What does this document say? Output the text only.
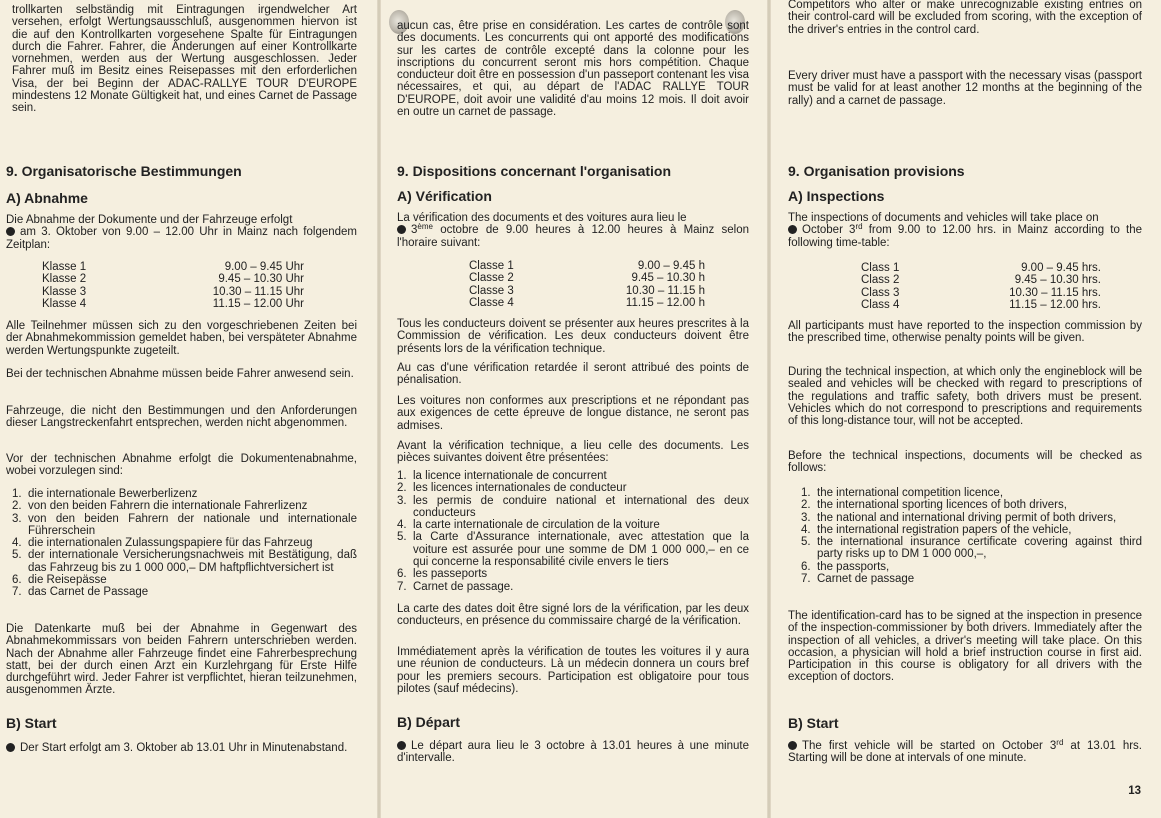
trollkarten selbständig mit Eintragungen irgendwelcher Art versehen, erfolgt Wertungsausschluß, ausgenommen hiervon ist die auf den Kontrollkarten vorgesehene Spalte für Eintragungen durch die Fahrer. Fahrer, die Änderungen auf einer Kontrollkarte vornehmen, werden aus der Wertung ausgeschlossen. Jeder Fahrer muß im Besitz eines Reisepasses mit den erforderlichen Visa, der bei Beginn der ADAC-RALLYE TOUR D'EUROPE mindestens 12 Monate Gültigkeit hat, und eines Carnet de Passage sein.
9. Organisatorische Bestimmungen
A) Abnahme
Die Abnahme der Dokumente und der Fahrzeuge erfolgt
am 3. Oktober von 9.00 – 12.00 Uhr in Mainz nach folgendem Zeitplan:
Klasse 1	9.00 – 9.45 Uhr
Klasse 2	9.45 – 10.30 Uhr
Klasse 3	10.30 – 11.15 Uhr
Klasse 4	11.15 – 12.00 Uhr
Alle Teilnehmer müssen sich zu den vorgeschriebenen Zeiten bei der Abnahmekommission gemeldet haben, bei verspäteter Abnahme werden Wertungspunkte zugeteilt.
Bei der technischen Abnahme müssen beide Fahrer anwesend sein.
Fahrzeuge, die nicht den Bestimmungen und den Anforderungen dieser Langstreckenfahrt entsprechen, werden nicht abgenommen.
Vor der technischen Abnahme erfolgt die Dokumentenabnahme, wobei vorzulegen sind:
1. die internationale Bewerberlizenz
2. von den beiden Fahrern die internationale Fahrerlizenz
3. von den beiden Fahrern der nationale und internationale Führerschein
4. die internationalen Zulassungspapiere für das Fahrzeug
5. der internationale Versicherungsnachweis mit Bestätigung, daß das Fahrzeug bis zu 1 000 000,– DM haftpflichtversichert ist
6. die Reisepässe
7. das Carnet de Passage
Die Datenkarte muß bei der Abnahme in Gegenwart des Abnahmekommissars von beiden Fahrern unterschrieben werden. Nach der Abnahme aller Fahrzeuge findet eine Fahrerbesprechung statt, bei der durch einen Arzt ein Kurzlehrgang für Erste Hilfe durchgeführt wird. Jeder Fahrer ist verpflichtet, hieran teilzunehmen, ausgenommen Ärzte.
B) Start
Der Start erfolgt am 3. Oktober ab 13.01 Uhr in Minutenabstand.
aucun cas, être prise en considération. Les cartes de contrôle sont des documents. Les concurrents qui ont apporté des modifications sur les cartes de contrôle excepté dans la colonne pour les inscriptions du concurrent seront mis hors compétition. Chaque conducteur doit être en possession d'un passeport contenant les visa nécessaires, et qui, au départ de l'ADAC RALLYE TOUR D'EUROPE, doit avoir une validité d'au moins 12 mois. Il doit avoir en outre un carnet de passage.
9. Dispositions concernant l'organisation
A) Vérification
La vérification des documents et des voitures aura lieu le
3ème octobre de 9.00 heures à 12.00 heures à Mainz selon l'horaire suivant:
Classe 1	9.00 – 9.45 h
Classe 2	9.45 – 10.30 h
Classe 3	10.30 – 11.15 h
Classe 4	11.15 – 12.00 h
Tous les conducteurs doivent se présenter aux heures prescrites à la Commission de vérification. Les deux conducteurs doivent être présents lors de la vérification technique.
Au cas d'une vérification retardée il seront attribué des points de pénalisation.
Les voitures non conformes aux prescriptions et ne répondant pas aux exigences de cette épreuve de longue distance, ne seront pas admises.
Avant la vérification technique, a lieu celle des documents. Les pièces suivantes doivent être présentées:
1. la licence internationale de concurrent
2. les licences internationales de conducteur
3. les permis de conduire national et international des deux conducteurs
4. la carte internationale de circulation de la voiture
5. la Carte d'Assurance internationale, avec attestation que la voiture est assurée pour une somme de DM 1 000 000,– en ce qui concerne la responsabilité civile envers le tiers
6. les passeports
7. Carnet de passage.
La carte des dates doit être signé lors de la vérification, par les deux conducteurs, en présence du commissaire chargé de la vérification.
Immédiatement après la vérification de toutes les voitures il y aura une réunion de conducteurs. Là un médecin donnera un cours bref pour les premiers secours. Participation est obligatoire pour tous pilotes (sauf médecins).
B) Départ
Le départ aura lieu le 3 octobre à 13.01 heures à une minute d'intervalle.
Competitors who alter or make unrecognizable existing entries on their control-card will be excluded from scoring, with the exception of the driver's entries in the control card.
Every driver must have a passport with the necessary visas (passport must be valid for at least another 12 months at the beginning of the rally) and a carnet de passage.
9. Organisation provisions
A) Inspections
The inspections of documents and vehicles will take place on
October 3rd from 9.00 to 12.00 hrs. in Mainz according to the following time-table:
Class 1	9.00 – 9.45 hrs.
Class 2	9.45 – 10.30 hrs.
Class 3	10.30 – 11.15 hrs.
Class 4	11.15 – 12.00 hrs.
All participants must have reported to the inspection commission by the prescribed time, otherwise penalty points will be given.
During the technical inspection, at which only the engineblock will be sealed and vehicles will be checked with regard to prescriptions of the regulations and traffic safety, both drivers must be present. Vehicles which do not correspond to prescriptions and requirements of this long-distance tour, will not be accepted.
Before the technical inspections, documents will be checked as follows:
1. the international competition licence,
2. the international sporting licences of both drivers,
3. the national and international driving permit of both drivers,
4. the international registration papers of the vehicle,
5. the international insurance certificate covering against third party risks up to DM 1 000 000,–,
6. the passports,
7. Carnet de passage
The identification-card has to be signed at the inspection in presence of the inspection-commissioner by both drivers. Immediately after the inspection of all vehicles, a driver's meeting will take place. On this occasion, a physician will hold a brief instruction course in first aid. Participation in this course is obligatory for all drivers with the exception of doctors.
B) Start
The first vehicle will be started on October 3rd at 13.01 hrs. Starting will be done at intervals of one minute.
13
